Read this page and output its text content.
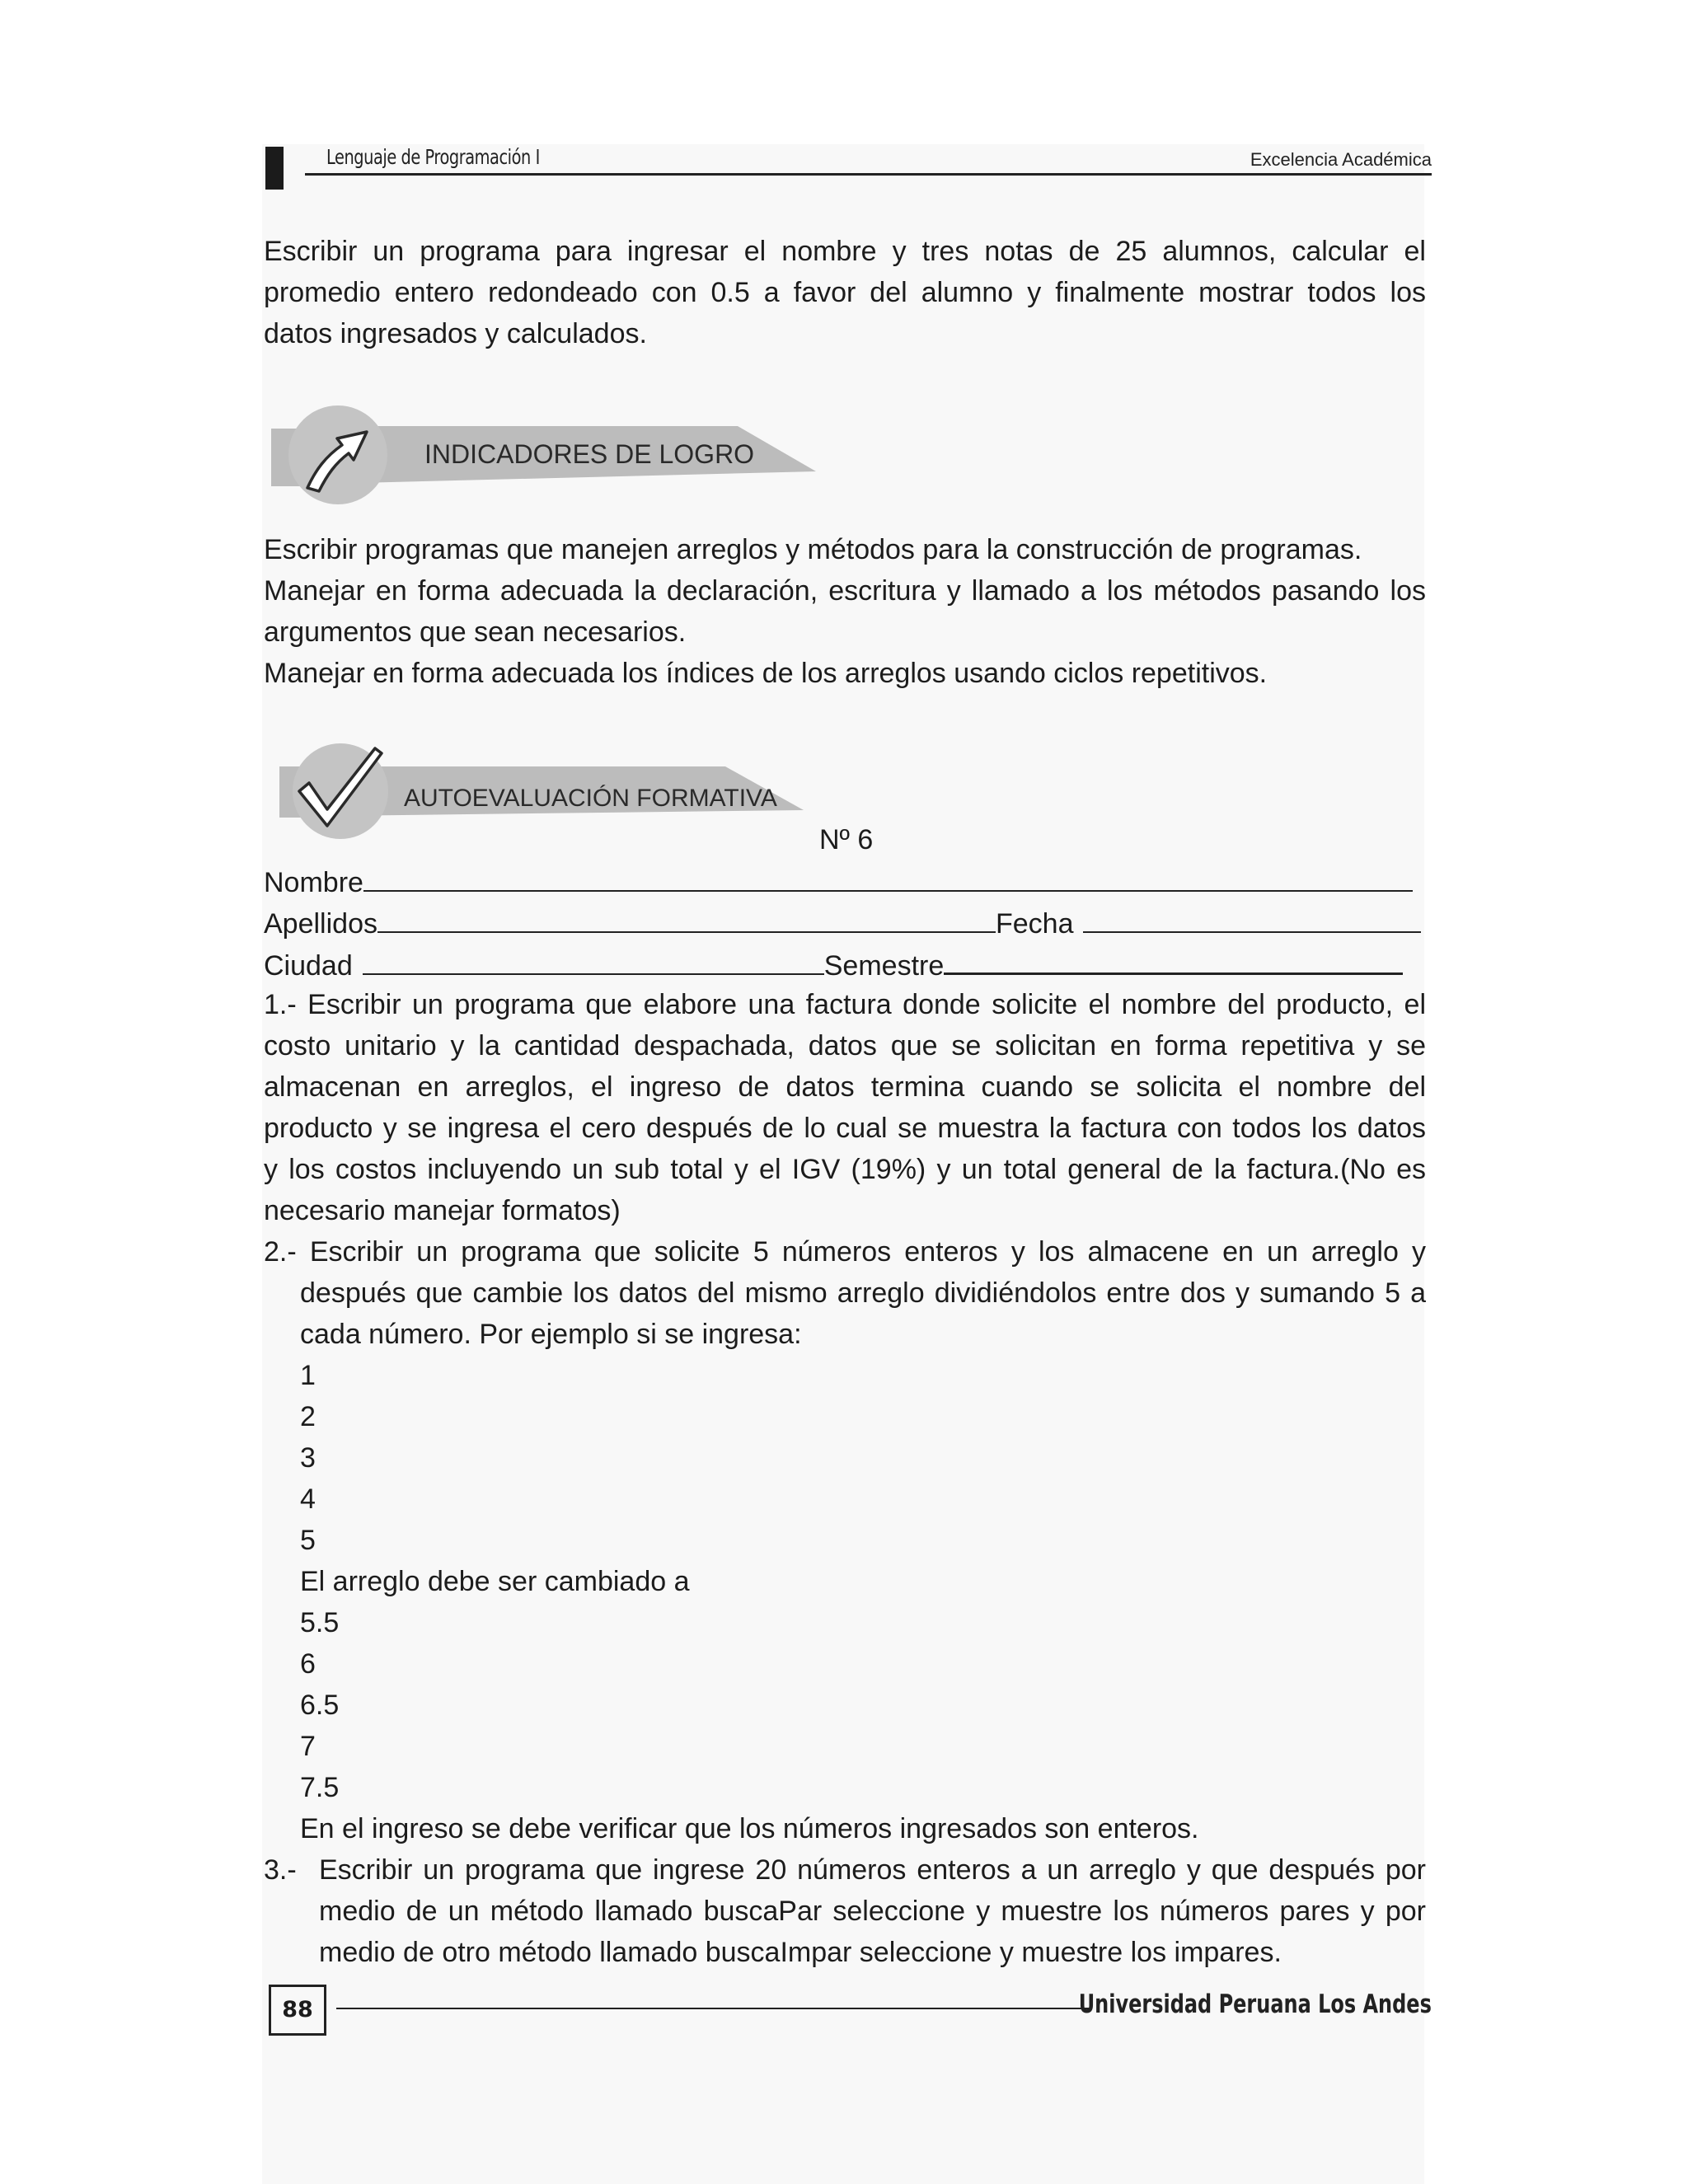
Lenguaje de Programación I	Excelencia Académica
Escribir un programa para ingresar el nombre y tres notas de 25 alumnos, calcular el
promedio entero redondeado con 0.5 a favor del alumno y finalmente mostrar todos los
datos ingresados y calculados.
INDICADORES DE LOGRO
Escribir programas que manejen arreglos y métodos para la construcción de programas.
Manejar en forma adecuada la declaración, escritura y llamado a los métodos pasando los
argumentos que sean necesarios.
Manejar en forma adecuada los índices de los arreglos usando ciclos repetitivos.
AUTOEVALUACIÓN FORMATIVA
Nº 6
Nombre
Apellidos	Fecha
Ciudad	Semestre
1.- Escribir un programa que elabore una factura donde solicite el nombre del producto, el
costo unitario y la cantidad despachada, datos que se solicitan en forma repetitiva y se
almacenan en arreglos, el ingreso de datos termina cuando se solicita el nombre del
producto y se ingresa el cero después de lo cual se muestra la factura con todos los datos
y los costos incluyendo un sub total y el IGV (19%) y un total general de la factura.(No es
necesario manejar formatos)
2.- Escribir un programa que solicite 5 números enteros y los almacene en un arreglo y
después que cambie los datos del mismo arreglo dividiéndolos entre dos y sumando 5 a
cada número. Por ejemplo si se ingresa:
1
2
3
4
5
El arreglo debe ser cambiado a
5.5
6
6.5
7
7.5
En el ingreso se debe verificar que los números ingresados son enteros.
3.- Escribir un programa que ingrese 20 números enteros a un arreglo y que después por
medio de un método llamado buscaPar seleccione y muestre los números pares y por
medio de otro método llamado buscaImpar seleccione y muestre los impares.
88	Universidad Peruana Los Andes
